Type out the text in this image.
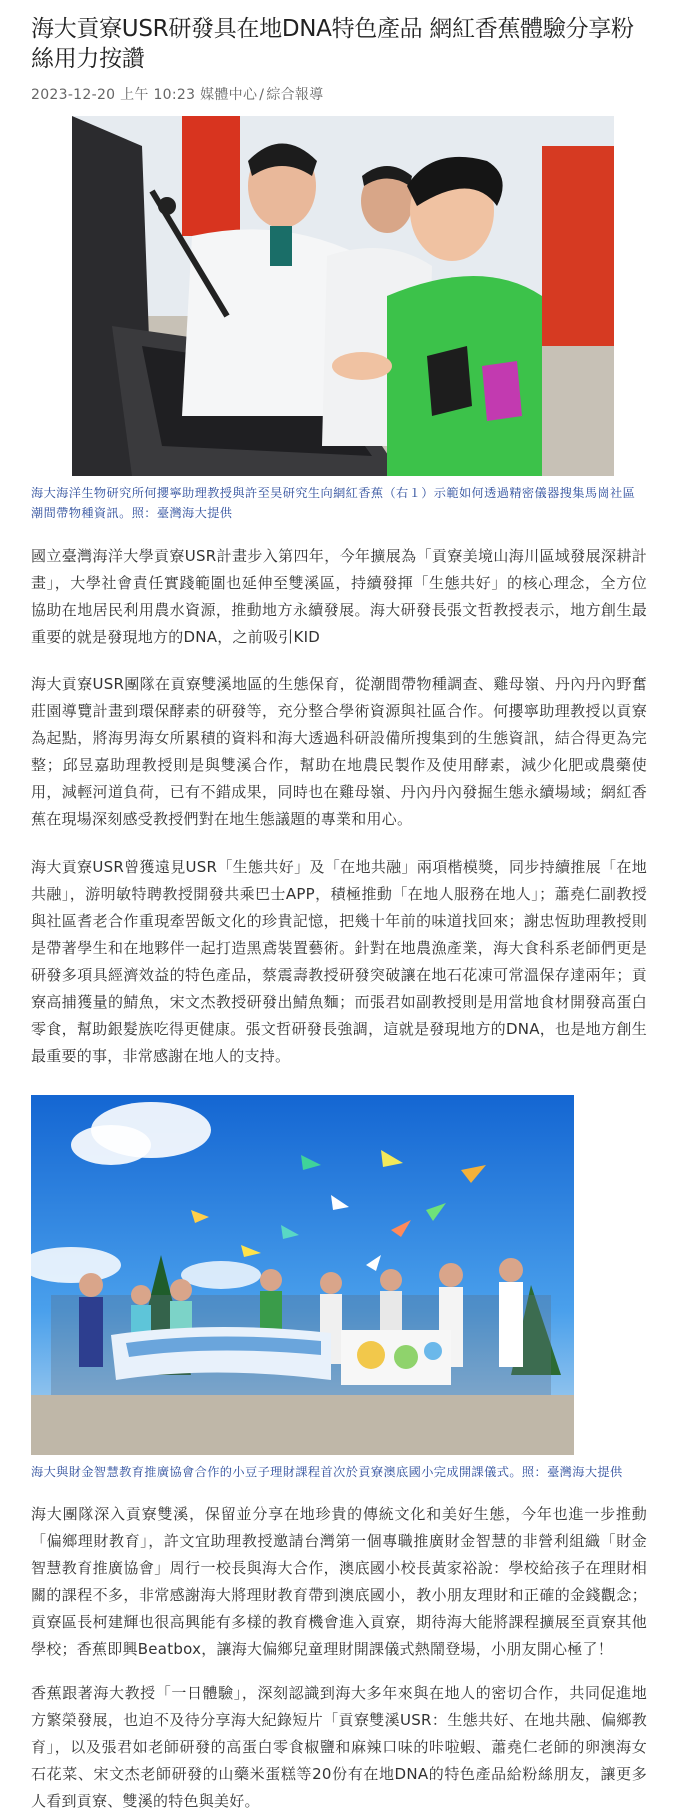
海大貢寮USR研發具在地DNA特色產品 網紅香蕉體驗分享粉絲用力按讚
2023-12-20 上午 10:23 媒體中心 / 綜合報導
海大海洋生物研究所何攖寧助理教授與許至昊研究生向網紅香蕉（右１）示範如何透過精密儀器搜集馬崗社區潮間帶物種資訊。照：臺灣海大提供

國立臺灣海洋大學貢寮USR計畫步入第四年，今年擴展為「貢寮美境山海川區域發展深耕計畫」，大學社會責任實踐範圍也延伸至雙溪區，持續發揮「生態共好」的核心理念，全方位協助在地居民利用農水資源，推動地方永續發展。海大研發長張文哲教授表示，地方創生最重要的就是發現地方的DNA，之前吸引KID

海大貢寮USR團隊在貢寮雙溪地區的生態保育，從潮間帶物種調查、雞母嶺、丹內丹內野奮莊園導覽計畫到環保酵素的研發等，充分整合學術資源與社區合作。何攖寧助理教授以貢寮為起點，將海男海女所累積的資料和海大透過科研設備所搜集到的生態資訊，結合得更為完整；邱昱嘉助理教授則是與雙溪合作，幫助在地農民製作及使用酵素，減少化肥或農藥使用，減輕河道負荷，已有不錯成果，同時也在雞母嶺、丹內丹內發掘生態永續場域；網紅香蕉在現場深刻感受教授們對在地生態議題的專業和用心。

海大貢寮USR曾獲遠見USR「生態共好」及「在地共融」兩項楷模獎，同步持續推展「在地共融」，游明敏特聘教授開發共乘巴士APP，積極推動「在地人服務在地人」；蕭堯仁副教授與社區耆老合作重現牽罟飯文化的珍貴記憶，把幾十年前的味道找回來；謝忠恆助理教授則是帶著學生和在地夥伴一起打造黑鳶裝置藝術。針對在地農漁產業，海大食科系老師們更是研發多項具經濟效益的特色產品，蔡震壽教授研發突破讓在地石花凍可常溫保存達兩年；貢寮高捕獲量的鯖魚，宋文杰教授研發出鯖魚麵；而張君如副教授則是用當地食材開發高蛋白零食，幫助銀髮族吃得更健康。張文哲研發長強調，這就是發現地方的DNA，也是地方創生最重要的事，非常感謝在地人的支持。

海大與財金智慧教育推廣協會合作的小豆子理財課程首次於貢寮澳底國小完成開課儀式。照：臺灣海大提供

海大團隊深入貢寮雙溪，保留並分享在地珍貴的傳統文化和美好生態，今年也進一步推動「偏鄉理財教育」，許文宜助理教授邀請台灣第一個專職推廣財金智慧的非營利組織「財金智慧教育推廣協會」周行一校長與海大合作，澳底國小校長黃家裕說：學校給孩子在理財相關的課程不多，非常感謝海大將理財教育帶到澳底國小，教小朋友理財和正確的金錢觀念；貢寮區長柯建輝也很高興能有多樣的教育機會進入貢寮，期待海大能將課程擴展至貢寮其他學校；香蕉即興Beatbox，讓海大偏鄉兒童理財開課儀式熱鬧登場，小朋友開心極了！

香蕉跟著海大教授「一日體驗」，深刻認識到海大多年來與在地人的密切合作，共同促進地方繁榮發展，也迫不及待分享海大紀錄短片「貢寮雙溪USR：生態共好、在地共融、偏鄉教育」，以及張君如老師研發的高蛋白零食椒鹽和麻辣口味的咔啦蝦、蕭堯仁老師的卵澳海女石花菜、宋文杰老師研發的山藥米蛋糕等20份有在地DNA的特色產品給粉絲朋友，讓更多人看到貢寮、雙溪的特色與美好。
